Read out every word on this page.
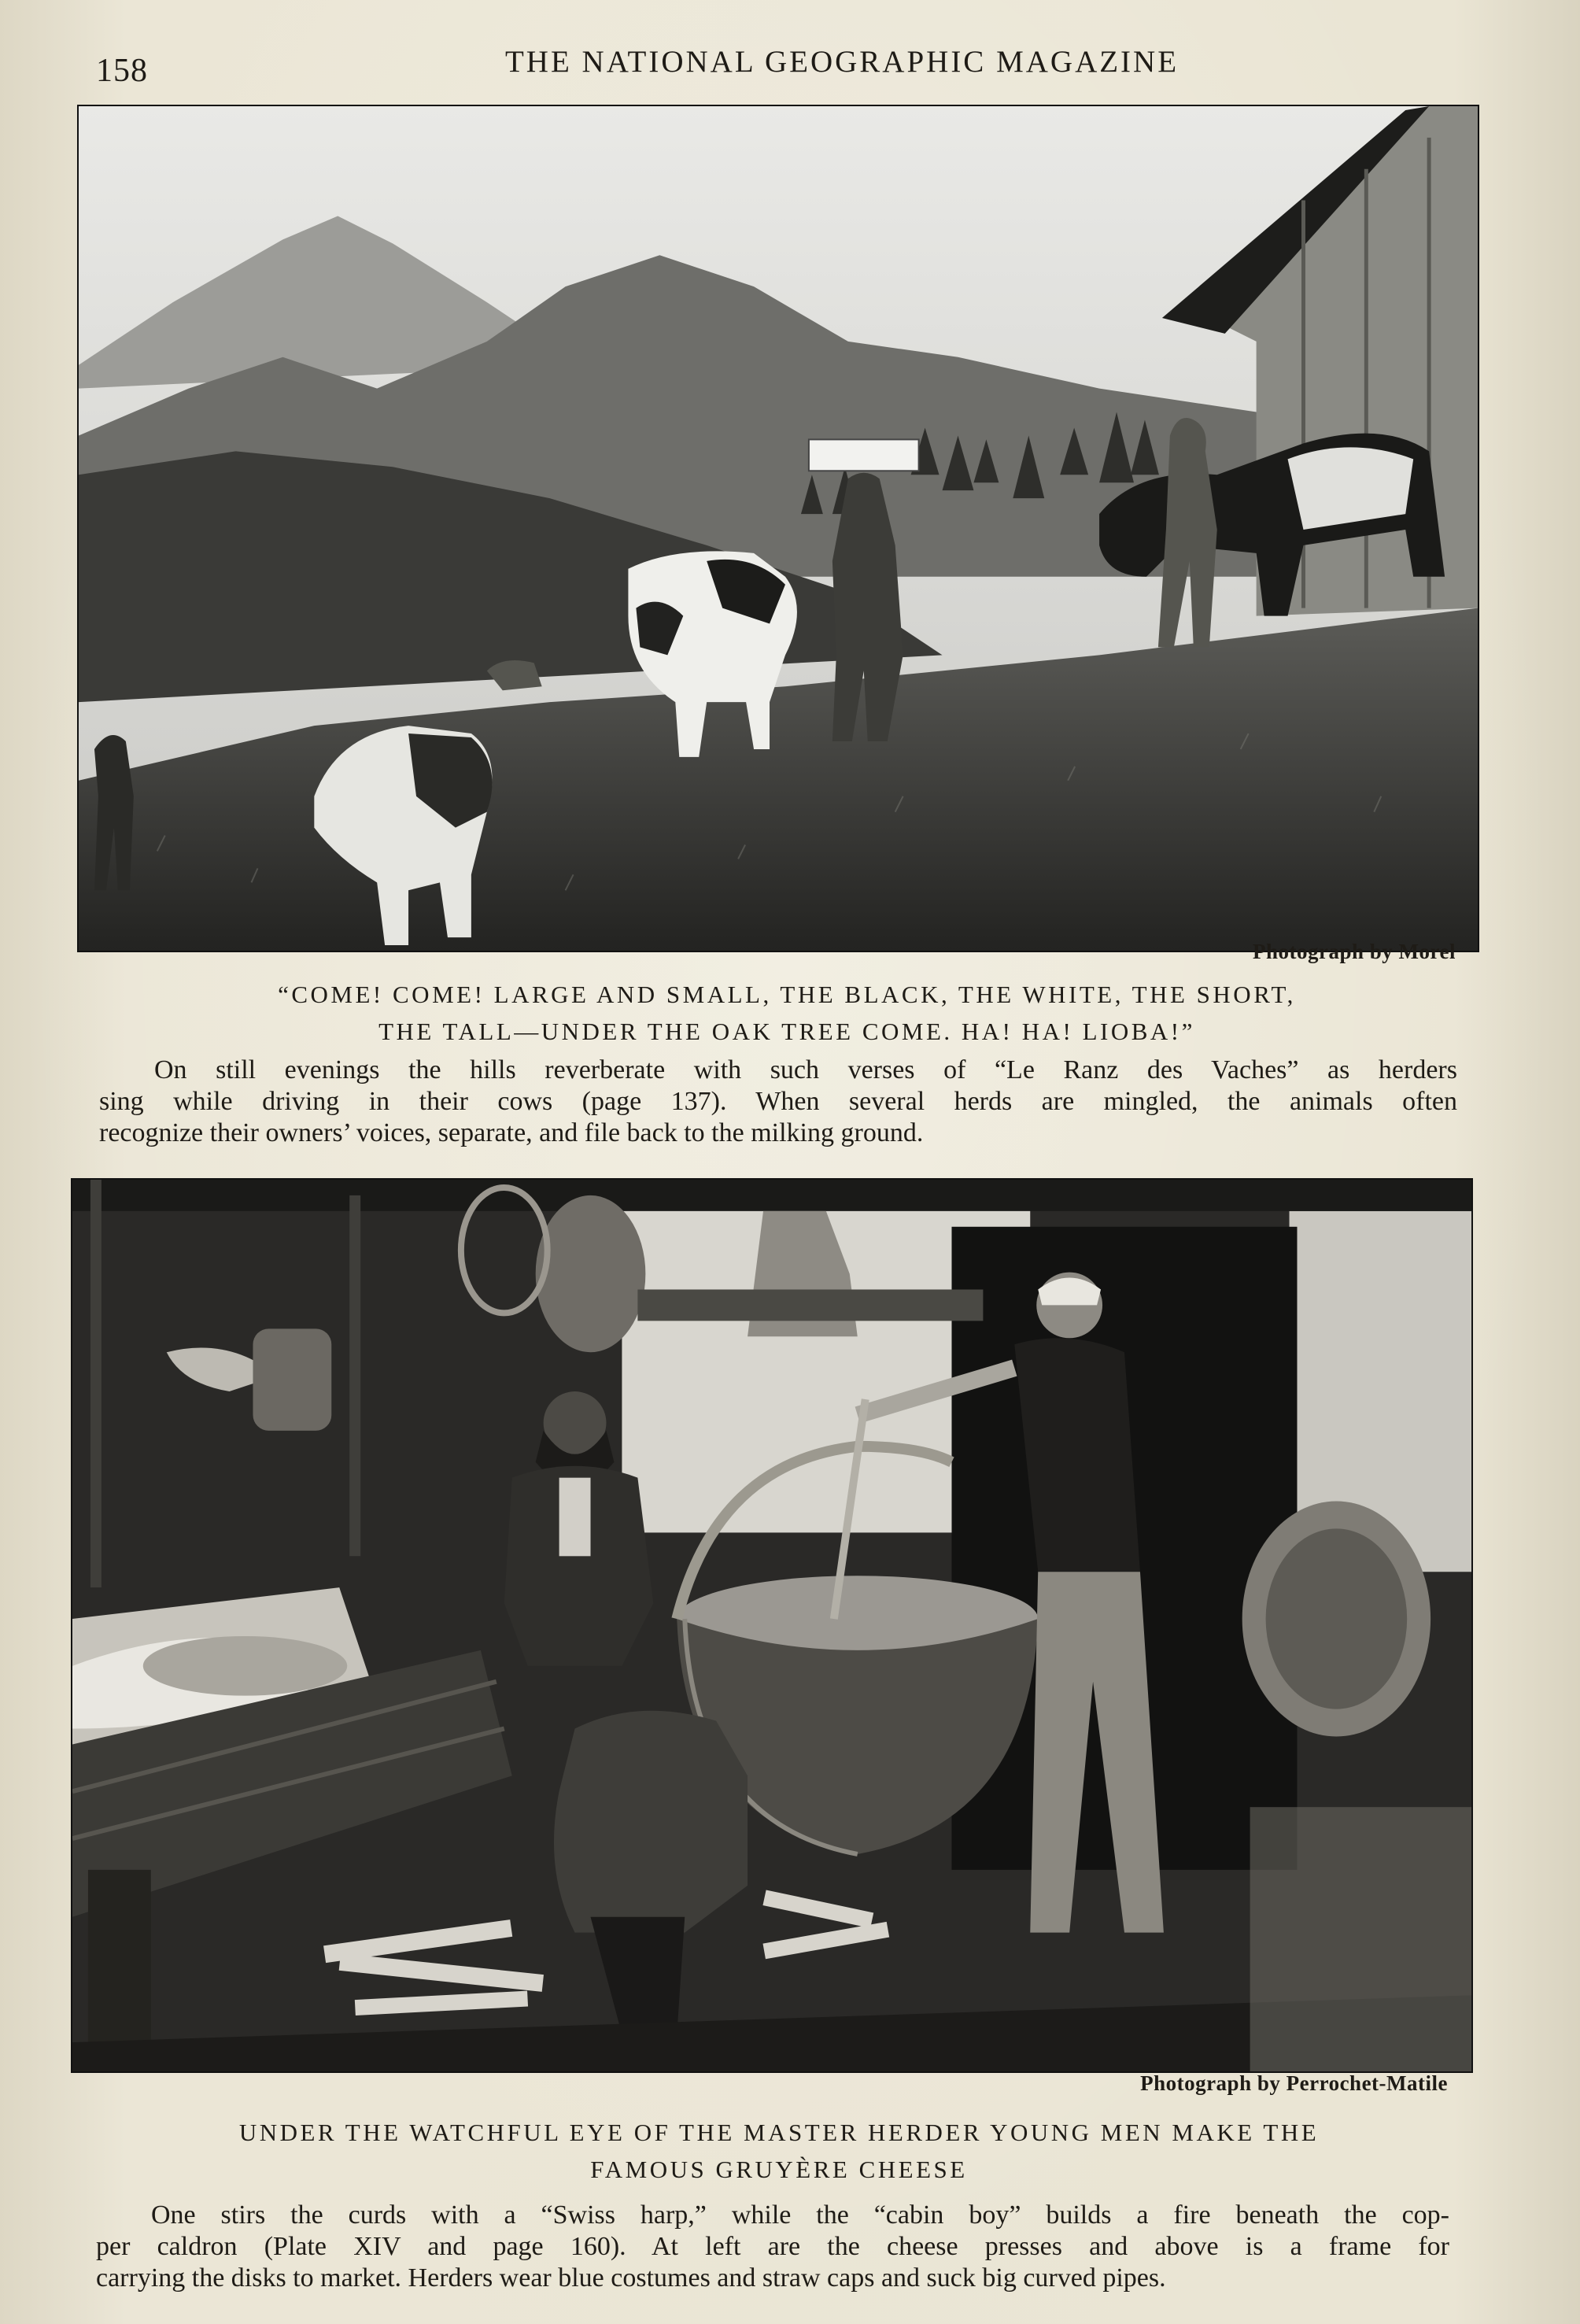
158	THE NATIONAL GEOGRAPHIC MAGAZINE
Photograph by Morel
“COME! COME! LARGE AND SMALL, THE BLACK, THE WHITE, THE SHORT,
THE TALL—UNDER THE OAK TREE COME. HA! HA! LIOBA!”
On still evenings the hills reverberate with such verses of “Le Ranz des Vaches” as herders
sing while driving in their cows (page 137). When several herds are mingled, the animals often
recognize their owners’ voices, separate, and file back to the milking ground.
Photograph by Perrochet-Matile
UNDER THE WATCHFUL EYE OF THE MASTER HERDER YOUNG MEN MAKE THE
FAMOUS GRUYÈRE CHEESE
One stirs the curds with a “Swiss harp,” while the “cabin boy” builds a fire beneath the cop-
per caldron (Plate XIV and page 160). At left are the cheese presses and above is a frame for
carrying the disks to market. Herders wear blue costumes and straw caps and suck big curved pipes.
